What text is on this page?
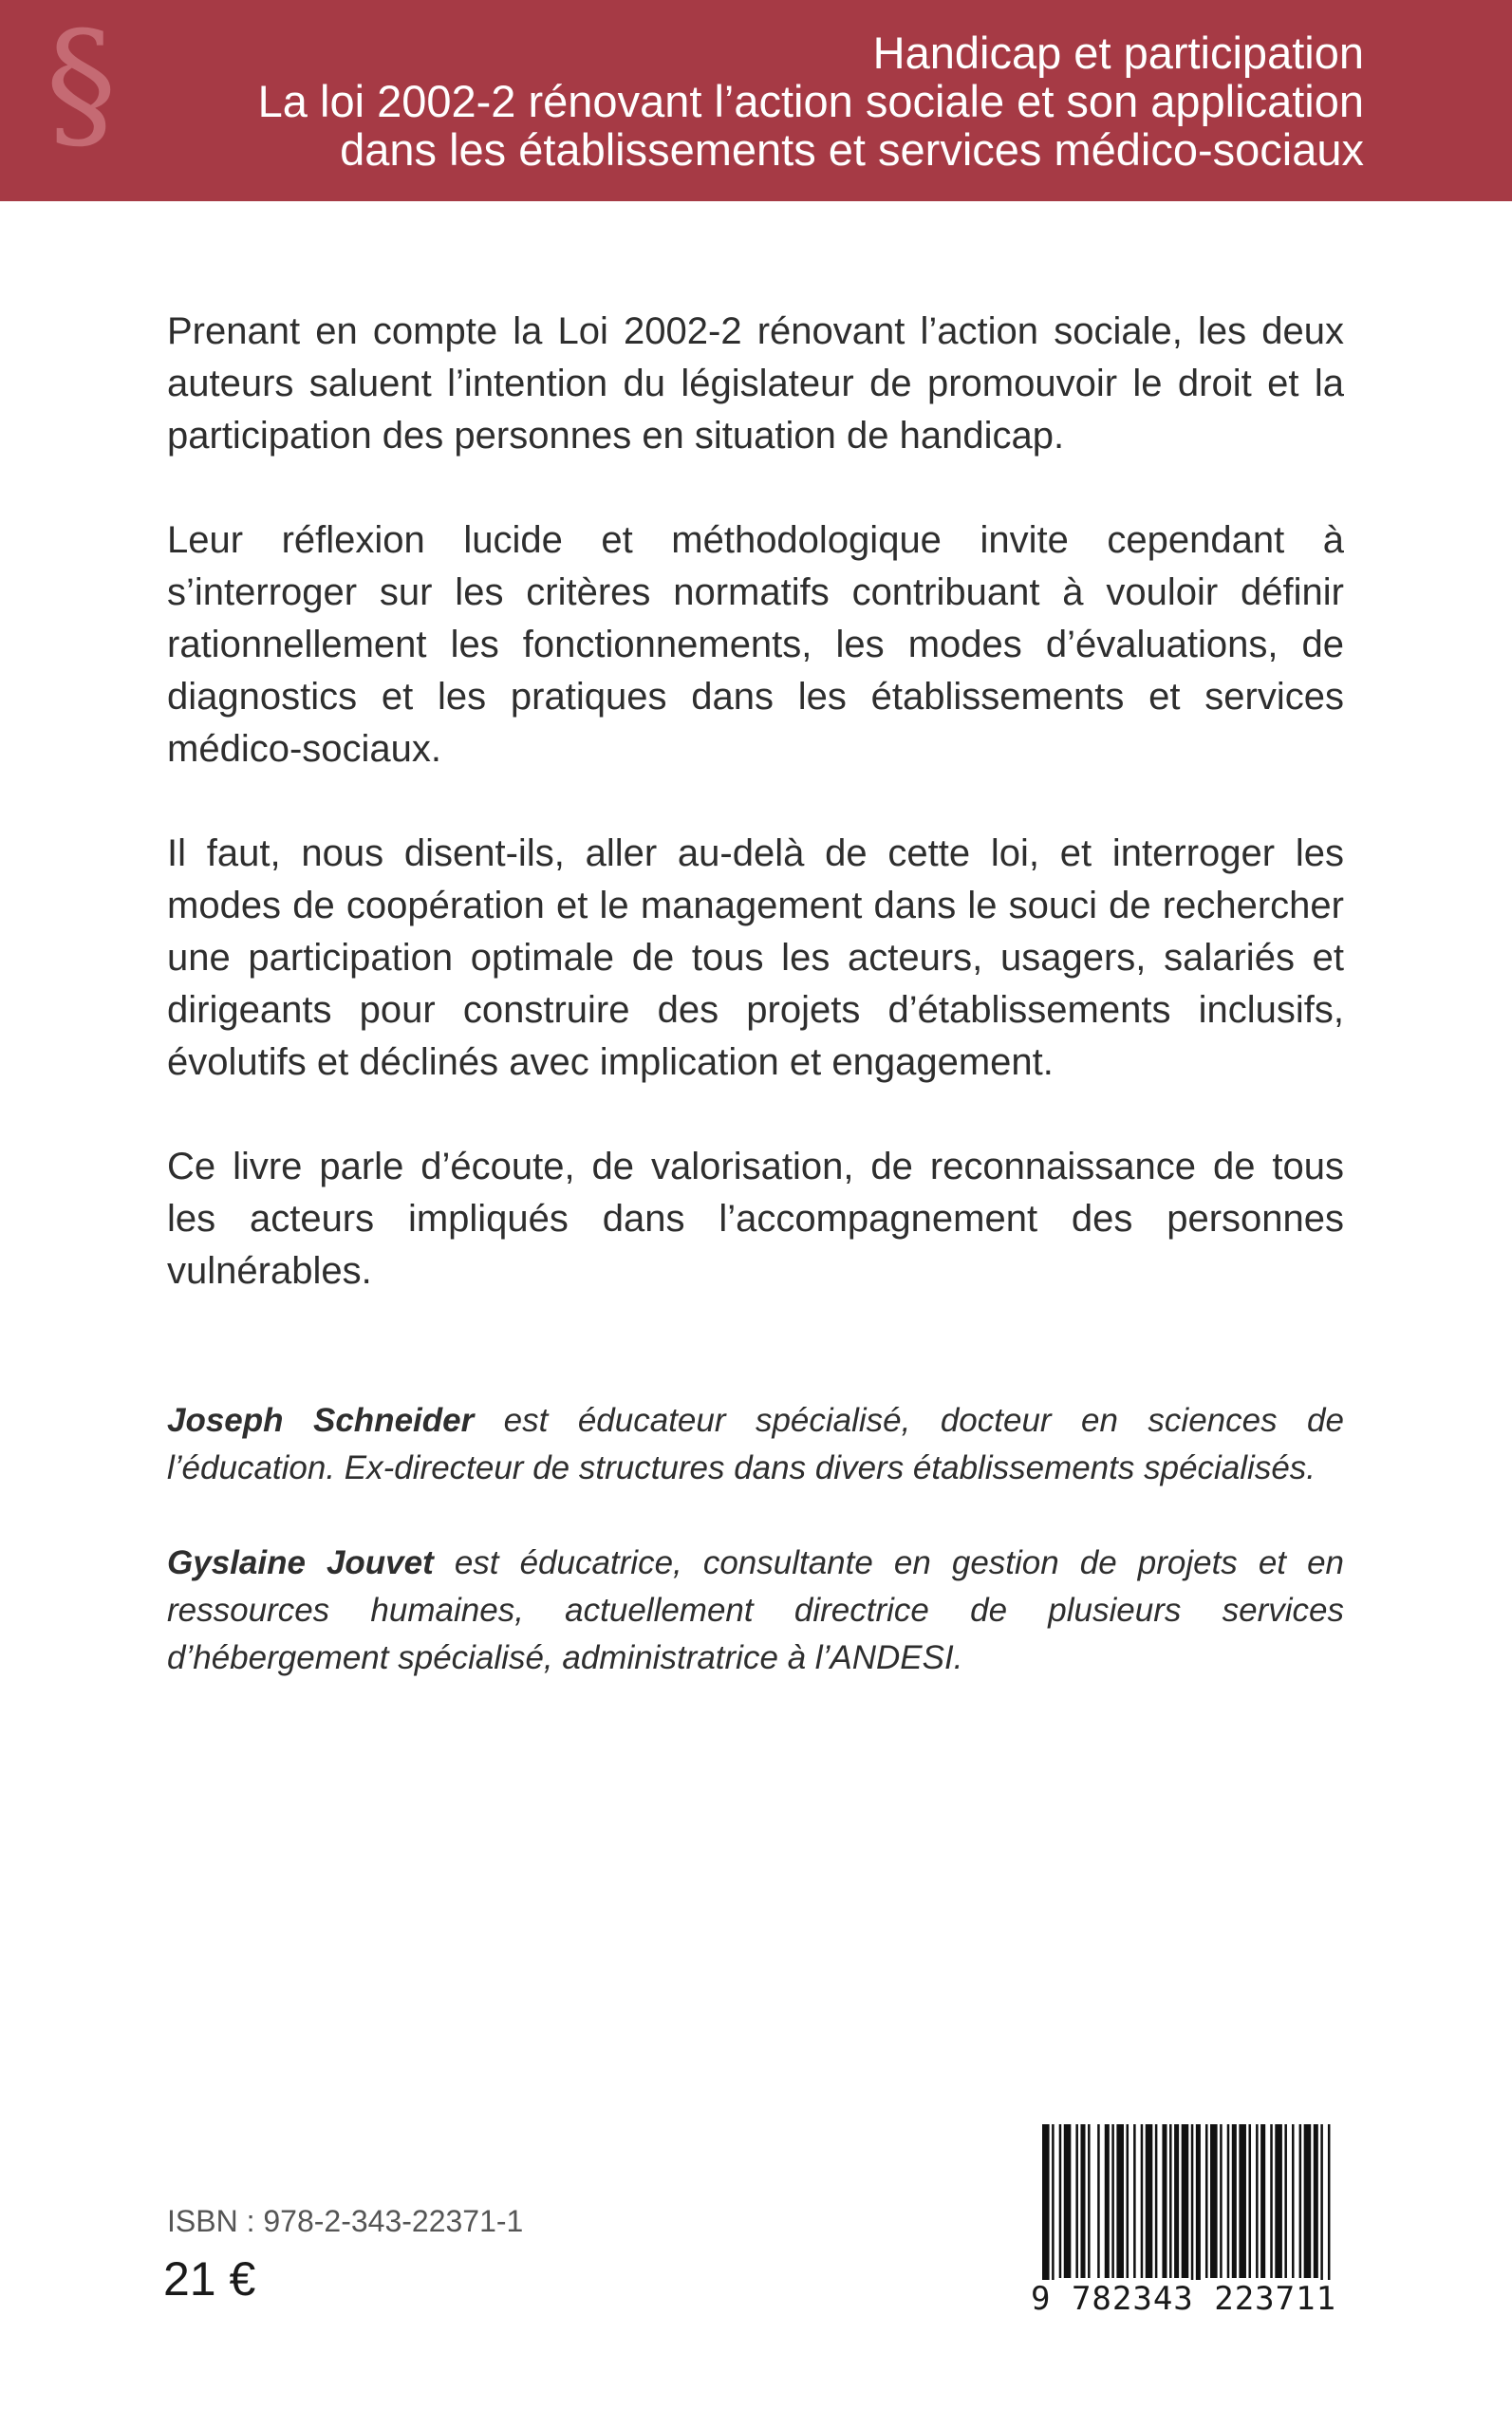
§	Handicap et participation
La loi 2002-2 rénovant l’action sociale et son application
dans les établissements et services médico-sociaux

Prenant en compte la Loi 2002-2 rénovant l’action sociale, les deux auteurs saluent l’intention du législateur de promouvoir le droit et la participation des personnes en situation de handicap.

Leur réflexion lucide et méthodologique invite cependant à s’interroger sur les critères normatifs contribuant à vouloir définir rationnellement les fonctionnements, les modes d’évaluations, de diagnostics et les pratiques dans les établissements et services médico-sociaux.

Il faut, nous disent-ils, aller au-delà de cette loi, et interroger les modes de coopération et le management dans le souci de rechercher une participation optimale de tous les acteurs, usagers, salariés et dirigeants pour construire des projets d’établissements inclusifs, évolutifs et déclinés avec implication et engagement.

Ce livre parle d’écoute, de valorisation, de reconnaissance de tous les acteurs impliqués dans l’accompagnement des personnes vulnérables.

Joseph Schneider est éducateur spécialisé, docteur en sciences de l’éducation. Ex-directeur de structures dans divers établissements spécialisés.

Gyslaine Jouvet est éducatrice, consultante en gestion de projets et en ressources humaines, actuellement directrice de plusieurs services d’hébergement spécialisé, administratrice à l’ANDESI.

ISBN : 978-2-343-22371-1
21 €	9 782343 223711
